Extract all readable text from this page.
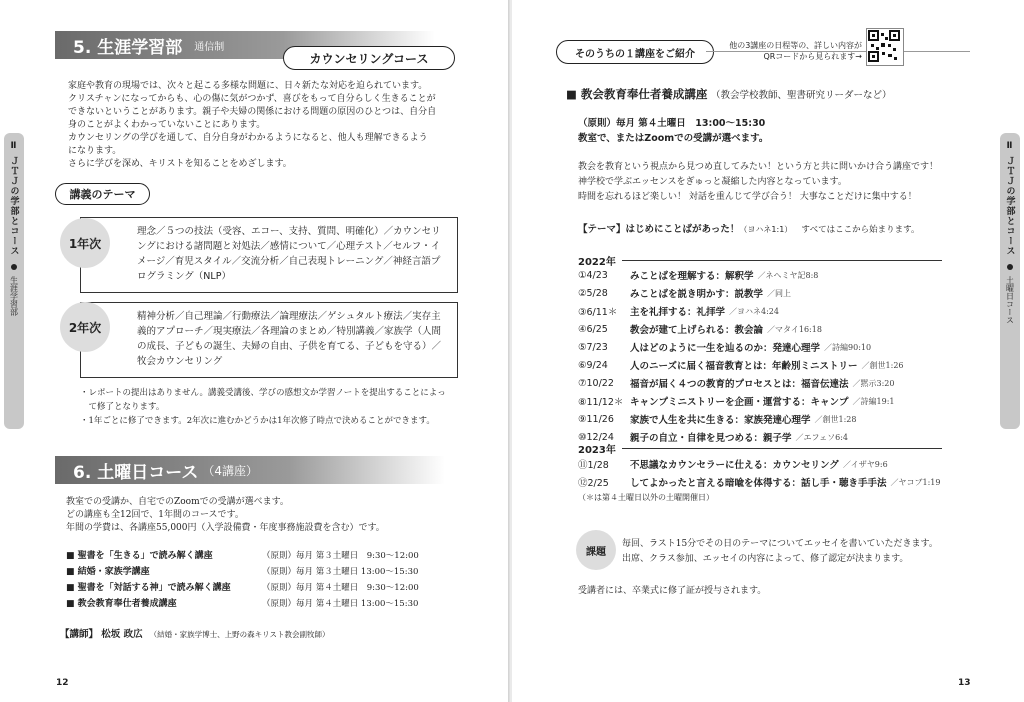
Ⅱ ＪＴＪの学部とコース
生涯学習部
5. 生涯学習部 通信制
カウンセリングコース
家庭や教育の現場では、次々と起こる多様な問題に、日々新たな対応を迫られています。
クリスチャンになってからも、心の傷に気がつかず、喜びをもって自分らしく生きることが
できないということがあります。親子や夫婦の関係における問題の原因のひとつは、自分自
身のことがよくわかっていないことにあります。
カウンセリングの学びを通して、自分自身がわかるようになると、他人も理解できるよう
になります。
さらに学びを深め、キリストを知ることをめざします。
講義のテーマ
理念／５つの技法（受容、エコー、支持、質問、明確化）／カウンセリングにおける諸問題と対処法／感情について／心理テスト／セルフ・イメージ／育児スタイル／交流分析／自己表現トレーニング／神経言語プログラミング（NLP）
1年次
精神分析／自己理論／行動療法／論理療法／ゲシュタルト療法／実存主義的アプローチ／現実療法／各理論のまとめ／特別講義／家族学（人間の成長、子どもの誕生、夫婦の自由、子供を育てる、子どもを守る）／牧会カウンセリング
2年次
・レポートの提出はありません。講義受講後、学びの感想文か学習ノートを提出することによっ
　て修了となります。
・1年ごとに修了できます。2年次に進むかどうかは1年次修了時点で決めることができます。
6. 土曜日コース （4講座）
教室での受講か、自宅でのZoomでの受講が選べます。
どの講座も全12回で、1年間のコースです。
年間の学費は、各講座55,000円（入学設備費・年度事務施設費を含む）です。
■ 聖書を「生きる」で読み解く講座	（原則）毎月 第３土曜日　9:30～12:00
■ 結婚・家族学講座	（原則）毎月 第３土曜日 13:00～15:30
■ 聖書を「対話する神」で読み解く講座	（原則）毎月 第４土曜日　9:30～12:00
■ 教会教育奉仕者養成講座	（原則）毎月 第４土曜日 13:00～15:30
【講師】 松坂 政広 （結婚・家族学博士、上野の森キリスト教会副牧師）
12
Ⅱ ＪＴＪの学部とコース
土曜日コース
そのうちの１講座をご紹介
他の3講座の日程等の、詳しい内容が
QRコードから見られます→
■ 教会教育奉仕者養成講座 （教会学校教師、聖書研究リーダーなど）
（原則）毎月 第４土曜日　13:00～15:30
教室で、またはZoomでの受講が選べます。
教会を教育という視点から見つめ直してみたい！という方と共に問いかけ合う講座です！
神学校で学ぶエッセンスをぎゅっと凝縮した内容となっています。
時間を忘れるほど楽しい！ 対話を重んじて学び合う！ 大事なことだけに集中する！
【テーマ】はじめにことばがあった！（ヨハネ1:1） すべてはここから始まります。
2022年
①4/23	みことばを理解する：解釈学 ／ネヘミヤ記8:8
②5/28	みことばを説き明かす：説教学 ／同上
③6/11＊	主を礼拝する：礼拝学 ／ヨハネ4:24
④6/25	教会が建て上げられる：教会論 ／マタイ16:18
⑤7/23	人はどのように一生を辿るのか：発達心理学 ／詩編90:10
⑥9/24	人のニーズに届く福音教育とは：年齢別ミニストリー ／創世1:26
⑦10/22	福音が届く４つの教育的プロセスとは：福音伝達法 ／黙示3:20
⑧11/12＊ キャンプミニストリーを企画・運営する：キャンプ ／詩編19:1
⑨11/26	家族で人生を共に生きる：家族発達心理学 ／創世1:28
⑩12/24	親子の自立・自律を見つめる：親子学 ／エフェソ6:4
2023年
⑪1/28	不思議なカウンセラーに仕える：カウンセリング ／イザヤ9:6
⑫2/25	してよかったと言える暗喩を体得する：話し手・聴き手手法 ／ヤコブ1:19
（＊は第４土曜日以外の土曜開催日）
課題
毎回、ラスト15分でその日のテーマについてエッセイを書いていただきます。
出席、クラス参加、エッセイの内容によって、修了認定が決まります。
受講者には、卒業式に修了証が授与されます。
13
